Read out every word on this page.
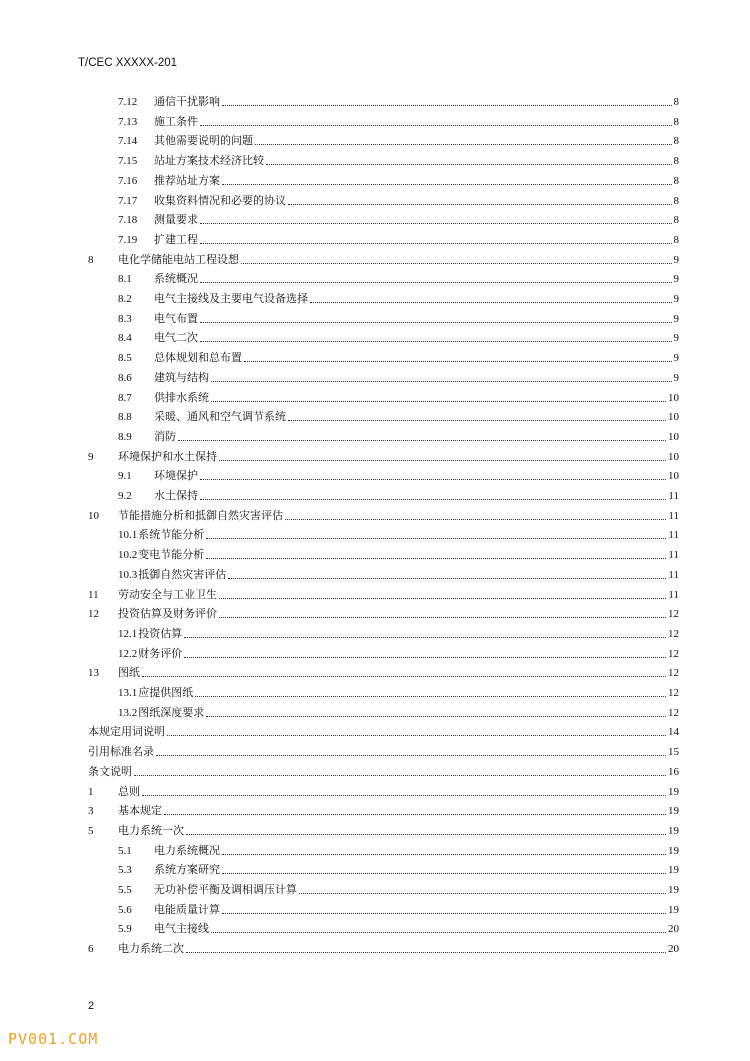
T/CEC XXXXX-201
7.12	通信干扰影响	8
7.13	施工条件	8
7.14	其他需要说明的问题	8
7.15	站址方案技术经济比较	8
7.16	推荐站址方案	8
7.17	收集资料情况和必要的协议	8
7.18	测量要求	8
7.19	扩建工程	8
8	电化学储能电站工程设想	9
8.1	系统概况	9
8.2	电气主接线及主要电气设备选择	9
8.3	电气布置	9
8.4	电气二次	9
8.5	总体规划和总布置	9
8.6	建筑与结构	9
8.7	供排水系统	10
8.8	采暖、通风和空气调节系统	10
8.9	消防	10
9	环境保护和水土保持	10
9.1	环境保护	10
9.2	水土保持	11
10	节能措施分析和抵御自然灾害评估	11
10.1 系统节能分析	11
10.2 变电节能分析	11
10.3 抵御自然灾害评估	11
11	劳动安全与工业卫生	11
12	投资估算及财务评价	12
12.1 投资估算	12
12.2 财务评价	12
13	图纸	12
13.1 应提供图纸	12
13.2 图纸深度要求	12
本规定用词说明	14
引用标准名录	15
条文说明	16
1	总则	19
3	基本规定	19
5	电力系统一次	19
5.1	电力系统概况	19
5.3	系统方案研究	19
5.5	无功补偿平衡及调相调压计算	19
5.6	电能质量计算	19
5.9	电气主接线	20
6	电力系统二次	20
2
PV001.COM
